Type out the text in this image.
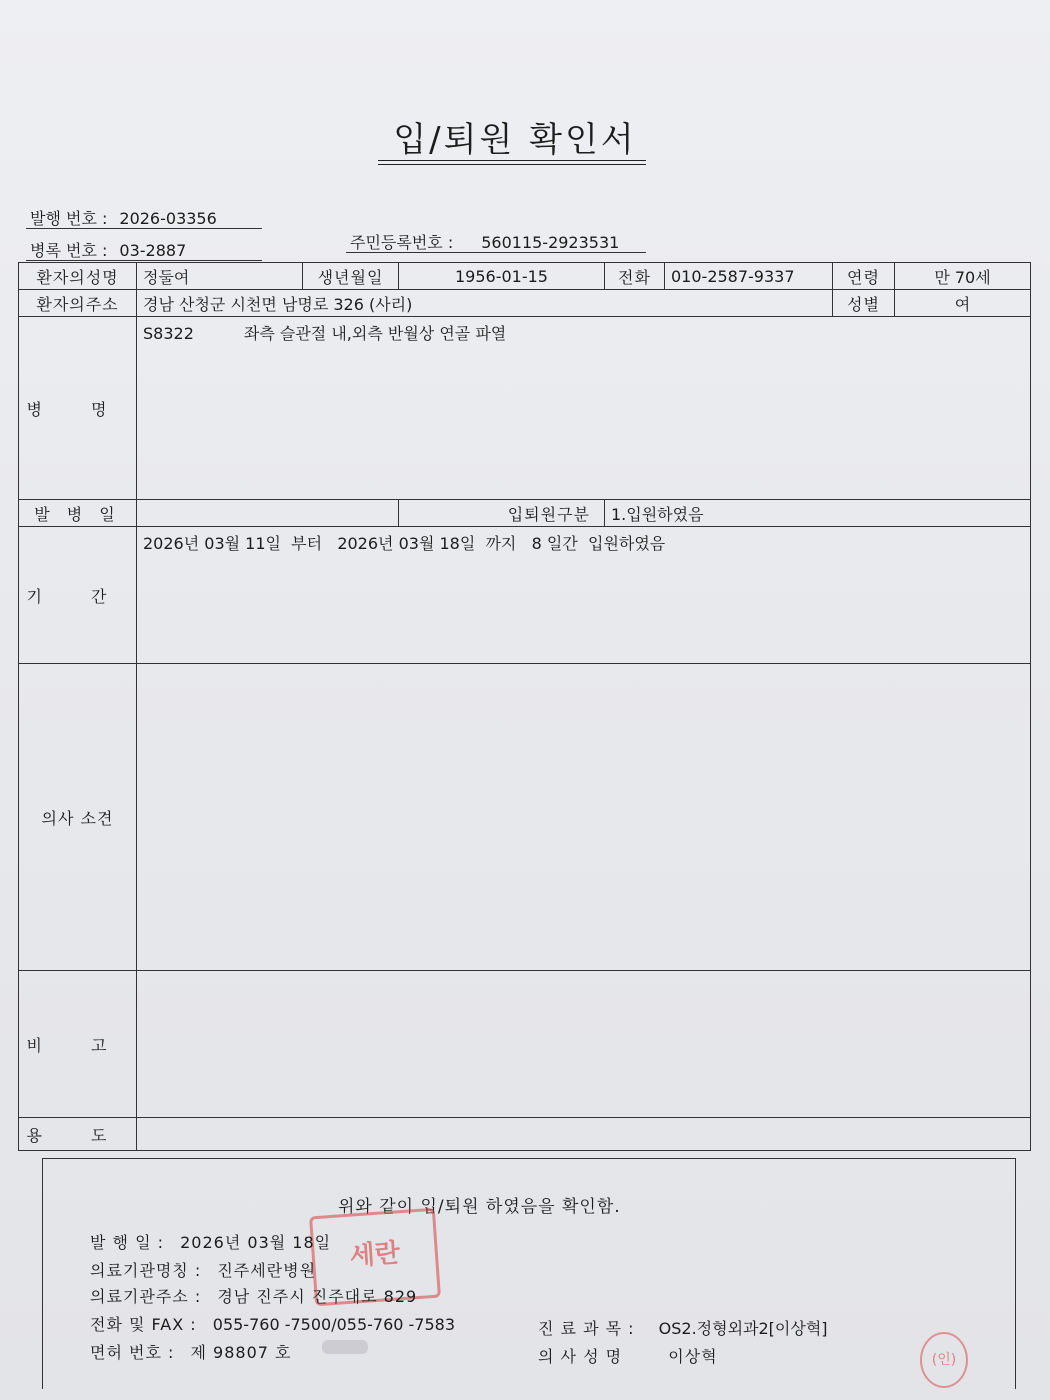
입/퇴원 확인서
발행 번호 : 2026-03356
병록 번호 : 03-2887	주민등록번호 : 560115-2923531
환자의성명	정둘여	생년월일	1956-01-15	전화	010-2587-9337	연령	만 70세
환자의주소	경남 산청군 시천면 남명로 326 (사리)					성별	여
병 명	S8322 좌측 슬관절 내,외측 반월상 연골 파열						
발 병 일			입퇴원구분	1.입원하였음			
기 간	2026년 03월 11일  부터   2026년 03월 18일  까지   8 일간  입원하였음						
의사 소견							
비 고							
용 도							
위와 같이 입/퇴원 하였음을 확인함.
세란
발 행 일 : 2026년 03월 18일
의료기관명칭 : 진주세란병원
의료기관주소 : 경남 진주시 진주대로 829
전화 및 FAX : 055-760 -7500/055-760 -7583
면허 번호 : 제 98807 호
진 료 과 목 : OS2.정형외과2[이상혁]
의 사 성 명	이상혁	(인)
